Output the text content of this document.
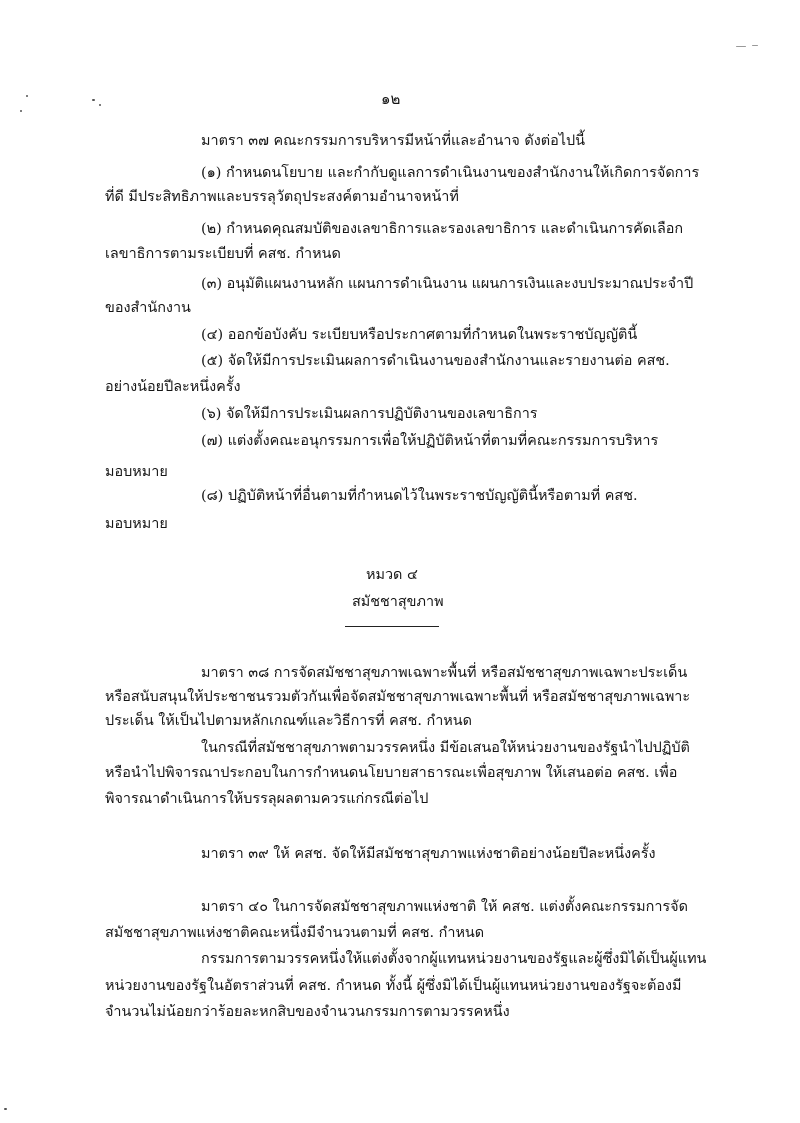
๑๒
มาตรา ๓๗ คณะกรรมการบริหารมีหน้าที่และอำนาจ ดังต่อไปนี้
(๑) กำหนดนโยบาย และกำกับดูแลการดำเนินงานของสำนักงานให้เกิดการจัดการ
ที่ดี มีประสิทธิภาพและบรรลุวัตถุประสงค์ตามอำนาจหน้าที่
(๒) กำหนดคุณสมบัติของเลขาธิการและรองเลขาธิการ และดำเนินการคัดเลือก
เลขาธิการตามระเบียบที่ คสช. กำหนด
(๓) อนุมัติแผนงานหลัก แผนการดำเนินงาน แผนการเงินและงบประมาณประจำปี
ของสำนักงาน
(๔) ออกข้อบังคับ ระเบียบหรือประกาศตามที่กำหนดในพระราชบัญญัตินี้
(๕) จัดให้มีการประเมินผลการดำเนินงานของสำนักงานและรายงานต่อ คสช.
อย่างน้อยปีละหนึ่งครั้ง
(๖) จัดให้มีการประเมินผลการปฏิบัติงานของเลขาธิการ
(๗) แต่งตั้งคณะอนุกรรมการเพื่อให้ปฏิบัติหน้าที่ตามที่คณะกรรมการบริหาร
มอบหมาย
(๘) ปฏิบัติหน้าที่อื่นตามที่กำหนดไว้ในพระราชบัญญัตินี้หรือตามที่ คสช.
มอบหมาย
หมวด ๔
สมัชชาสุขภาพ
มาตรา ๓๘ การจัดสมัชชาสุขภาพเฉพาะพื้นที่ หรือสมัชชาสุขภาพเฉพาะประเด็น
หรือสนับสนุนให้ประชาชนรวมตัวกันเพื่อจัดสมัชชาสุขภาพเฉพาะพื้นที่ หรือสมัชชาสุขภาพเฉพาะ
ประเด็น ให้เป็นไปตามหลักเกณฑ์และวิธีการที่ คสช. กำหนด
ในกรณีที่สมัชชาสุขภาพตามวรรคหนึ่ง มีข้อเสนอให้หน่วยงานของรัฐนำไปปฏิบัติ
หรือนำไปพิจารณาประกอบในการกำหนดนโยบายสาธารณะเพื่อสุขภาพ ให้เสนอต่อ คสช. เพื่อ
พิจารณาดำเนินการให้บรรลุผลตามควรแก่กรณีต่อไป
มาตรา ๓๙ ให้ คสช. จัดให้มีสมัชชาสุขภาพแห่งชาติอย่างน้อยปีละหนึ่งครั้ง
มาตรา ๔๐ ในการจัดสมัชชาสุขภาพแห่งชาติ ให้ คสช. แต่งตั้งคณะกรรมการจัด
สมัชชาสุขภาพแห่งชาติคณะหนึ่งมีจำนวนตามที่ คสช. กำหนด
กรรมการตามวรรคหนึ่งให้แต่งตั้งจากผู้แทนหน่วยงานของรัฐและผู้ซึ่งมิได้เป็นผู้แทน
หน่วยงานของรัฐในอัตราส่วนที่ คสช. กำหนด ทั้งนี้ ผู้ซึ่งมิได้เป็นผู้แทนหน่วยงานของรัฐจะต้องมี
จำนวนไม่น้อยกว่าร้อยละหกสิบของจำนวนกรรมการตามวรรคหนึ่ง
